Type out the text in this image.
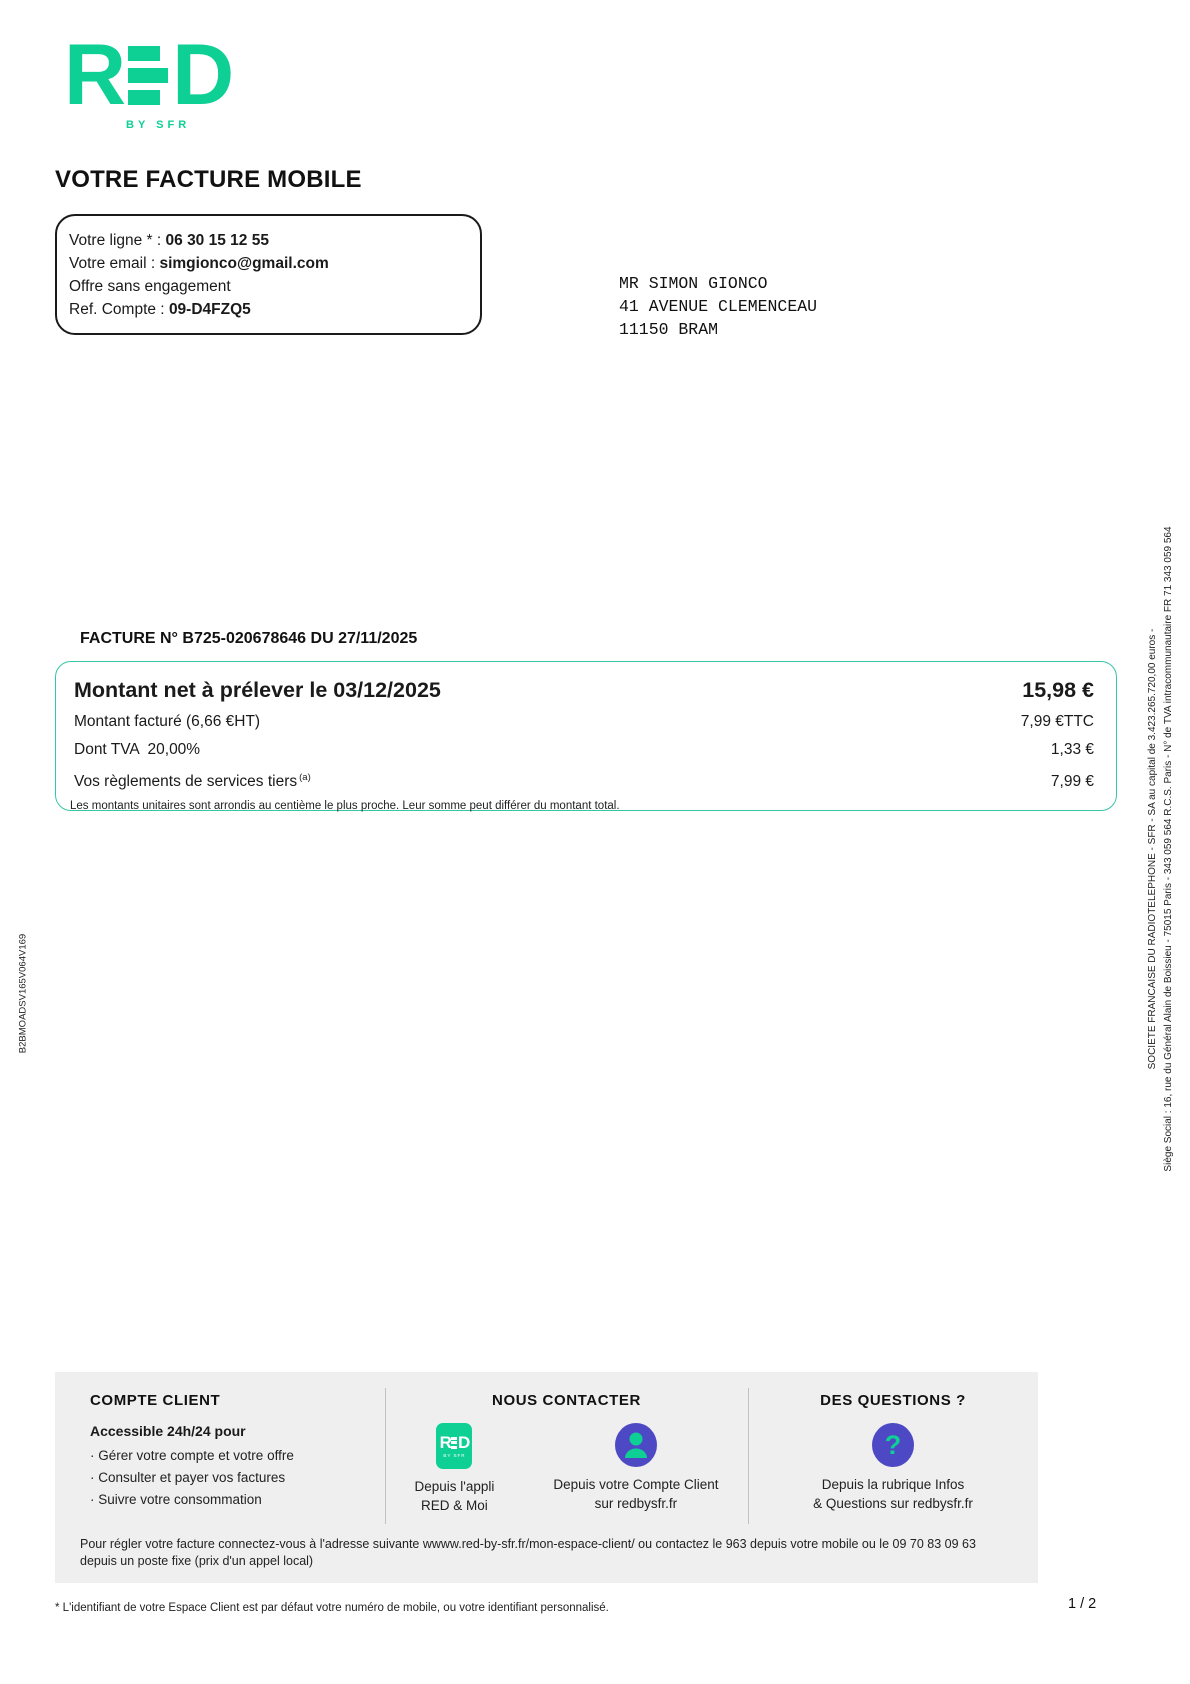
R D
BY SFR
VOTRE FACTURE MOBILE
Votre ligne * : 06 30 15 12 55
Votre email : simgionco@gmail.com
Offre sans engagement
Ref. Compte : 09-D4FZQ5
MR SIMON GIONCO
41 AVENUE CLEMENCEAU
11150 BRAM
B2BMOADSV165V064V169	SOCIETE FRANCAISE DU RADIOTELEPHONE - SFR - SA au capital de 3.423.265.720,00 euros - Siège Social : 16, rue du Général Alain de Boissieu - 75015 Paris - 343 059 564 R.C.S. Paris - N° de TVA intracommunautaire FR 71 343 059 564
FACTURE N° B725-020678646 DU 27/11/2025
Montant net à prélever le 03/12/2025	15,98 €
Montant facturé (6,66 €HT)	7,99 €TTC
Dont TVA  20,00%	1,33 €
Vos règlements de services tiers $^{(a)}$	7,99 €
Les montants unitaires sont arrondis au centième le plus proche. Leur somme peut différer du montant total.
COMPTE CLIENT
Accessible 24h/24 pour
· Gérer votre compte et votre offre
· Consulter et payer vos factures
· Suivre votre consommation
NOUS CONTACTER
R D
BY SFR
Depuis l'appli
RED & Moi
Depuis votre Compte Client
sur redbysfr.fr
DES QUESTIONS ?
?
Depuis la rubrique Infos
& Questions sur redbysfr.fr
Pour régler votre facture connectez-vous à l'adresse suivante wwww.red-by-sfr.fr/mon-espace-client/ ou contactez le 963 depuis votre mobile ou le 09 70 83 09 63 depuis un poste fixe (prix d'un appel local)
* L'identifiant de votre Espace Client est par défaut votre numéro de mobile, ou votre identifiant personnalisé.	1 / 2
